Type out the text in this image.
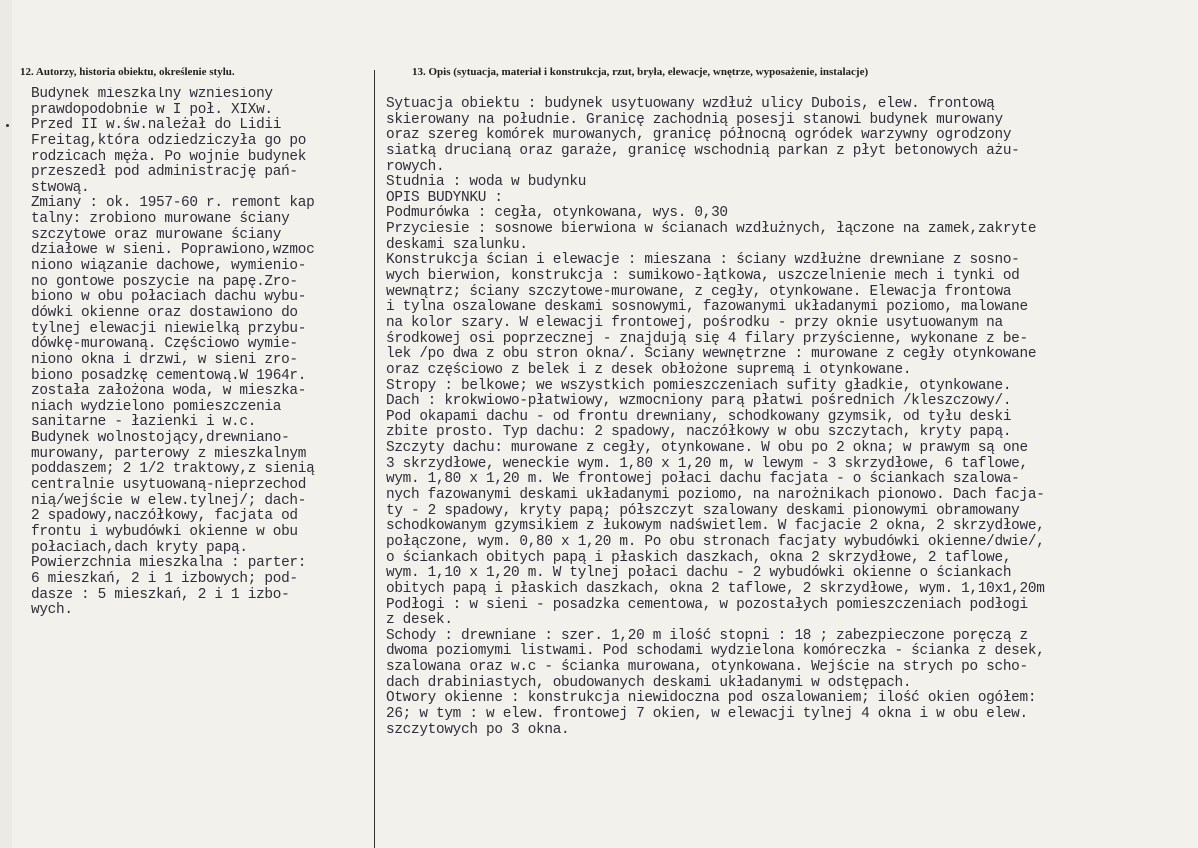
12. Autorzy, historia obiektu, określenie stylu.	13. Opis (sytuacja, materiał i konstrukcja, rzut, bryła, elewacje, wnętrze, wyposażenie, instalacje)
Budynek mieszkalny wzniesiony
prawdopodobnie w I poł. XIXw.
Przed II w.św.należał do Lidii
Freitag,która odziedziczyła go po
rodzicach męża. Po wojnie budynek
przeszedł pod administrację pań-
stwową.
Zmiany : ok. 1957-60 r. remont kap
talny: zrobiono murowane ściany
szczytowe oraz murowane ściany
działowe w sieni. Poprawiono,wzmoc
niono wiązanie dachowe, wymienio-
no gontowe poszycie na papę.Zro-
biono w obu połaciach dachu wybu-
dówki okienne oraz dostawiono do
tylnej elewacji niewielką przybu-
dówkę-murowaną. Częściowo wymie-
niono okna i drzwi, w sieni zro-
biono posadzkę cementową.W 1964r.
została założona woda, w mieszka-
niach wydzielono pomieszczenia
sanitarne - łazienki i w.c.
Budynek wolnostojący,drewniano-
murowany, parterowy z mieszkalnym
poddaszem; 2 1/2 traktowy,z sienią
centralnie usytuowaną-nieprzechod
nią/wejście w elew.tylnej/; dach-
2 spadowy,naczółkowy, facjata od
frontu i wybudówki okienne w obu
połaciach,dach kryty papą.
Powierzchnia mieszkalna : parter:
6 mieszkań, 2 i 1 izbowych; pod-
dasze : 5 mieszkań, 2 i 1 izbo-
wych.
Sytuacja obiektu : budynek usytuowany wzdłuż ulicy Dubois, elew. frontową
skierowany na południe. Granicę zachodnią posesji stanowi budynek murowany
oraz szereg komórek murowanych, granicę północną ogródek warzywny ogrodzony
siatką drucianą oraz garaże, granicę wschodnią parkan z płyt betonowych ażu-
rowych.
Studnia : woda w budynku
OPIS BUDYNKU :
Podmurówka : cegła, otynkowana, wys. 0,30
Przyciesie : sosnowe bierwiona w ścianach wzdłużnych, łączone na zamek,zakryte
deskami szalunku.
Konstrukcja ścian i elewacje : mieszana : ściany wzdłużne drewniane z sosno-
wych bierwion, konstrukcja : sumikowo-łątkowa, uszczelnienie mech i tynki od
wewnątrz; ściany szczytowe-murowane, z cegły, otynkowane. Elewacja frontowa
i tylna oszalowane deskami sosnowymi, fazowanymi układanymi poziomo, malowane
na kolor szary. W elewacji frontowej, pośrodku - przy oknie usytuowanym na
środkowej osi poprzecznej - znajdują się 4 filary przyścienne, wykonane z be-
lek /po dwa z obu stron okna/. Ściany wewnętrzne : murowane z cegły otynkowane
oraz częściowo z belek i z desek obłożone supremą i otynkowane.
Stropy : belkowe; we wszystkich pomieszczeniach sufity gładkie, otynkowane.
Dach : krokwiowo-płatwiowy, wzmocniony parą płatwi pośrednich /kleszczowy/.
Pod okapami dachu - od frontu drewniany, schodkowany gzymsik, od tyłu deski
zbite prosto. Typ dachu: 2 spadowy, naczółkowy w obu szczytach, kryty papą.
Szczyty dachu: murowane z cegły, otynkowane. W obu po 2 okna; w prawym są one
3 skrzydłowe, weneckie wym. 1,80 x 1,20 m, w lewym - 3 skrzydłowe, 6 taflowe,
wym. 1,80 x 1,20 m. We frontowej połaci dachu facjata - o ściankach szalowa-
nych fazowanymi deskami układanymi poziomo, na narożnikach pionowo. Dach facja-
ty - 2 spadowy, kryty papą; półszczyt szalowany deskami pionowymi obramowany
schodkowanym gzymsikiem z łukowym nadświetlem. W facjacie 2 okna, 2 skrzydłowe,
połączone, wym. 0,80 x 1,20 m. Po obu stronach facjaty wybudówki okienne/dwie/,
o ściankach obitych papą i płaskich daszkach, okna 2 skrzydłowe, 2 taflowe,
wym. 1,10 x 1,20 m. W tylnej połaci dachu - 2 wybudówki okienne o ściankach
obitych papą i płaskich daszkach, okna 2 taflowe, 2 skrzydłowe, wym. 1,10x1,20m
Podłogi : w sieni - posadzka cementowa, w pozostałych pomieszczeniach podłogi
z desek.
Schody : drewniane : szer. 1,20 m ilość stopni : 18 ; zabezpieczone poręczą z
dwoma poziomymi listwami. Pod schodami wydzielona komóreczka - ścianka z desek,
szalowana oraz w.c - ścianka murowana, otynkowana. Wejście na strych po scho-
dach drabiniastych, obudowanych deskami układanymi w odstępach.
Otwory okienne : konstrukcja niewidoczna pod oszalowaniem; ilość okien ogółem:
26; w tym : w elew. frontowej 7 okien, w elewacji tylnej 4 okna i w obu elew.
szczytowych po 3 okna.
